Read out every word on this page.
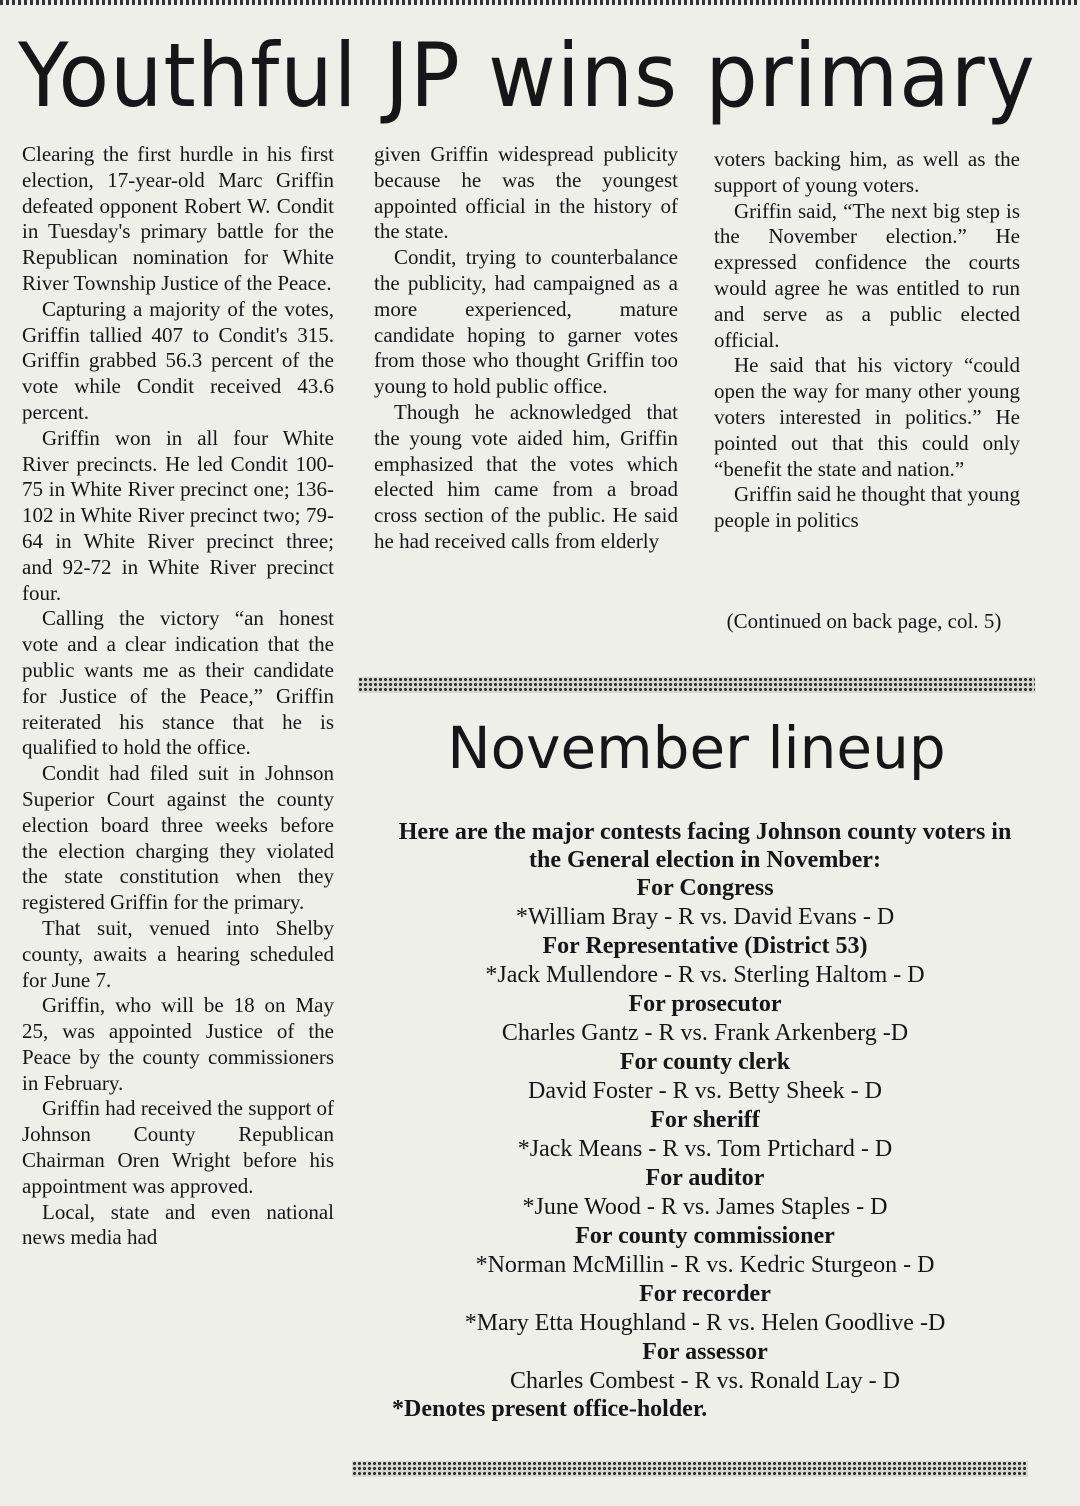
Youthful JP wins primary

Clearing the first hurdle in his first election, 17-year-old Marc Griffin defeated opponent Robert W. Condit in Tuesday's primary battle for the Republican nomination for White River Township Justice of the Peace.

Capturing a majority of the votes, Griffin tallied 407 to Condit's 315. Griffin grabbed 56.3 percent of the vote while Condit received 43.6 percent.

Griffin won in all four White River precincts. He led Condit 100-75 in White River precinct one; 136-102 in White River precinct two; 79-64 in White River precinct three; and 92-72 in White River precinct four.

Calling the victory “an honest vote and a clear indication that the public wants me as their candidate for Justice of the Peace,” Griffin reiterated his stance that he is qualified to hold the office.

Condit had filed suit in Johnson Superior Court against the county election board three weeks before the election charging they violated the state constitution when they registered Griffin for the primary.

That suit, venued into Shelby county, awaits a hearing scheduled for June 7.

Griffin, who will be 18 on May 25, was appointed Justice of the Peace by the county commissioners in February.

Griffin had received the support of Johnson County Republican Chairman Oren Wright before his appointment was approved.

Local, state and even national news media had

given Griffin widespread publicity because he was the youngest appointed official in the history of the state.

Condit, trying to counterbalance the publicity, had campaigned as a more experienced, mature candidate hoping to garner votes from those who thought Griffin too young to hold public office.

Though he acknowledged that the young vote aided him, Griffin emphasized that the votes which elected him came from a broad cross section of the public. He said he had received calls from elderly

voters backing him, as well as the support of young voters.

Griffin said, “The next big step is the November election.” He expressed confidence the courts would agree he was entitled to run and serve as a public elected official.

He said that his victory “could open the way for many other young voters interested in politics.” He pointed out that this could only “benefit the state and nation.”

Griffin said he thought that young people in politics

(Continued on back page, col. 5)
November lineup

Here are the major contests facing Johnson county voters in the General election in November:

For Congress

*William Bray - R vs. David Evans - D

For Representative (District 53)

*Jack Mullendore - R vs. Sterling Haltom - D

For prosecutor

Charles Gantz - R vs. Frank Arkenberg -D

For county clerk

David Foster - R vs. Betty Sheek - D

For sheriff

*Jack Means - R vs. Tom Prtichard - D

For auditor

*June Wood - R vs. James Staples - D

For county commissioner

*Norman McMillin - R vs. Kedric Sturgeon - D

For recorder

*Mary Etta Houghland - R vs. Helen Goodlive -D

For assessor

Charles Combest - R vs. Ronald Lay - D

*Denotes present office-holder.
